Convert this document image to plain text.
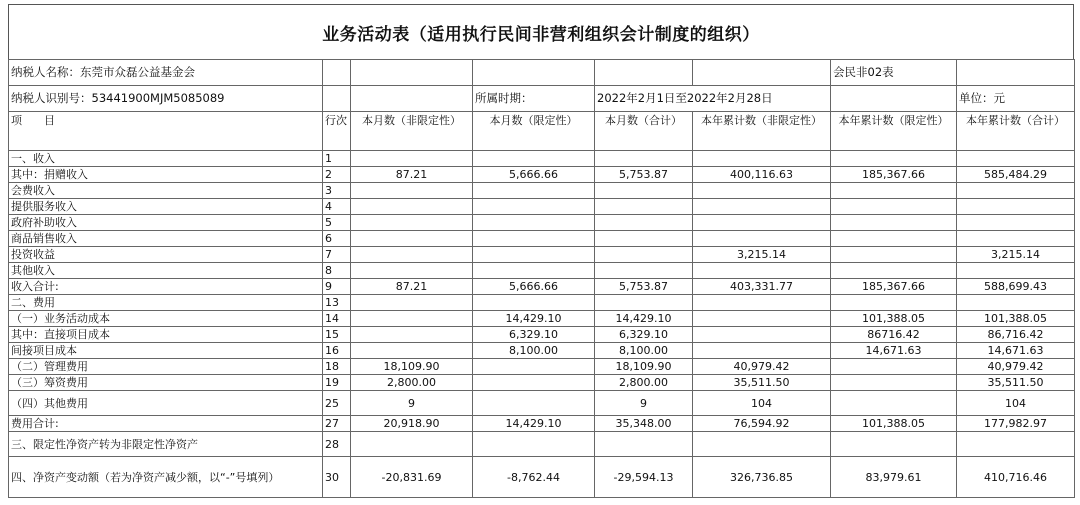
业务活动表（适用执行民间非营利组织会计制度的组织）
纳税人名称：东莞市众磊公益基金会						会民非02表	
纳税人识别号：53441900MJM5085089			所属时期：	2022年2月1日至2022年2月28日			单位：元
项　　目	行次	本月数（非限定性）	本月数（限定性）	本月数（合计）	本年累计数（非限定性）	本年累计数（限定性）	本年累计数（合计）
一、收入	1						
其中：捐赠收入	2	87.21	5,666.66	5,753.87	400,116.63	185,367.66	585,484.29
会费收入	3						
提供服务收入	4						
政府补助收入	5						
商品销售收入	6						
投资收益	7				3,215.14		3,215.14
其他收入	8						
收入合计:	9	87.21	5,666.66	5,753.87	403,331.77	185,367.66	588,699.43
二、费用	13						
（一）业务活动成本	14		14,429.10	14,429.10		101,388.05	101,388.05
其中：直接项目成本	15		6,329.10	6,329.10		86716.42	86,716.42
间接项目成本	16		8,100.00	8,100.00		14,671.63	14,671.63
（二）管理费用	18	18,109.90		18,109.90	40,979.42		40,979.42
（三）筹资费用	19	2,800.00		2,800.00	35,511.50		35,511.50
（四）其他费用	25	9		9	104		104
费用合计:	27	20,918.90	14,429.10	35,348.00	76,594.92	101,388.05	177,982.97
三、限定性净资产转为非限定性净资产	28						
四、净资产变动额（若为净资产减少额，以“-”号填列）	30	-20,831.69	-8,762.44	-29,594.13	326,736.85	83,979.61	410,716.46
